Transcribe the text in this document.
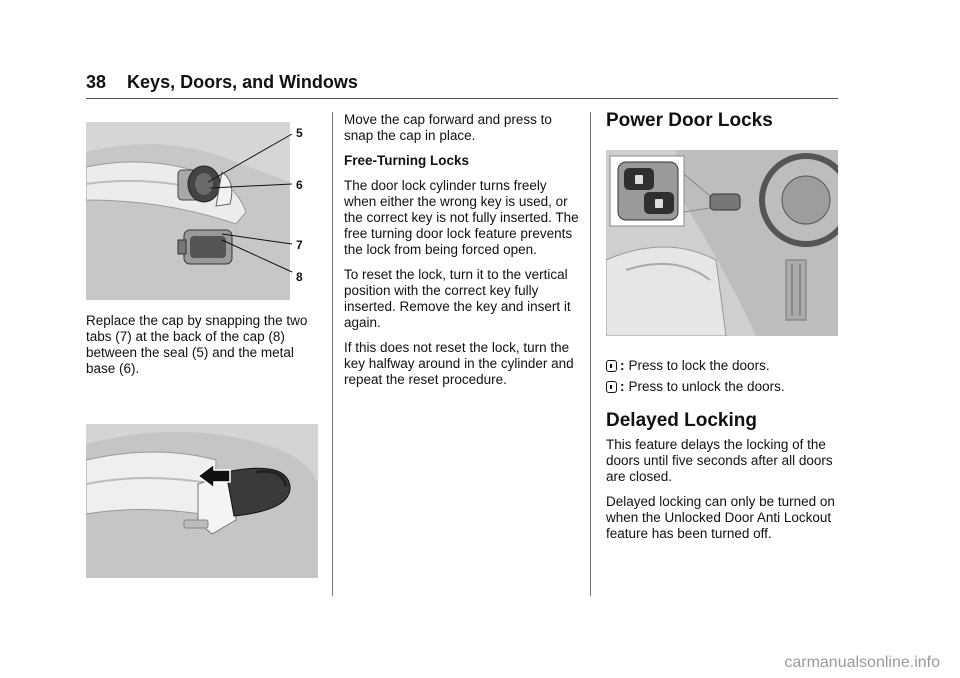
38 Keys, Doors, and Windows
5
6
7
8

Replace the cap by snapping the two tabs (7) at the back of the cap (8) between the seal (5) and the metal base (6).

Move the cap forward and press to snap the cap in place.

Free-Turning Locks

The door lock cylinder turns freely when either the wrong key is used, or the correct key is not fully inserted. The free turning door lock feature prevents the lock from being forced open.

To reset the lock, turn it to the vertical position with the correct key fully inserted. Remove the key and insert it again.

If this does not reset the lock, turn the key halfway around in the cylinder and repeat the reset procedure.

Power Door Locks
: Press to lock the doors.
: Press to unlock the doors.
Delayed Locking

This feature delays the locking of the doors until five seconds after all doors are closed.

Delayed locking can only be turned on when the Unlocked Door Anti Lockout feature has been turned off.

carmanualsonline.info
